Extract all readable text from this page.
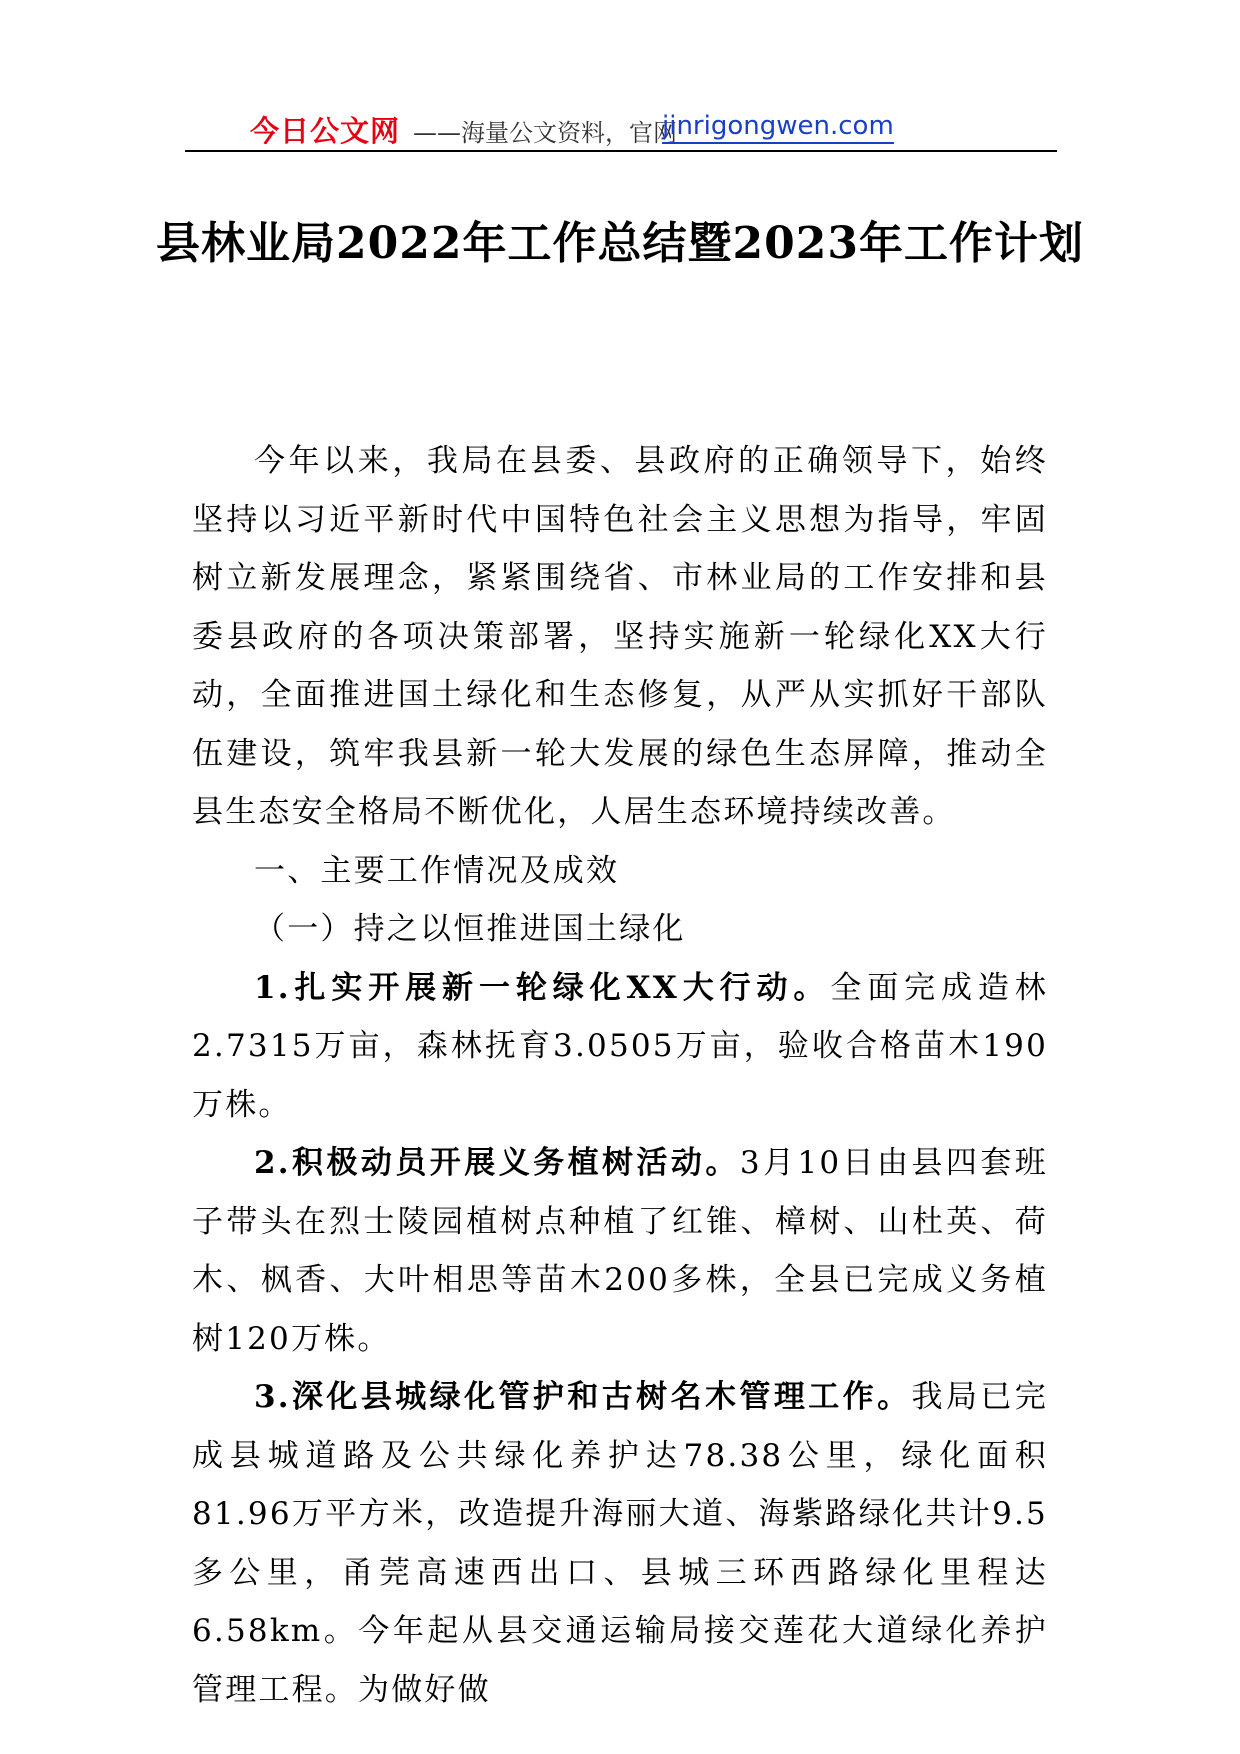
今日公文网 ——海量公文资料，官网
jinrigongwen.com
县林业局2022年工作总结暨2023年工作计划

今年以来，我局在县委、县政府的正确领导下，始终坚持以习近平新时代中国特色社会主义思想为指导，牢固树立新发展理念，紧紧围绕省、市林业局的工作安排和县委县政府的各项决策部署，坚持实施新一轮绿化XX大行动，全面推进国土绿化和生态修复，从严从实抓好干部队伍建设，筑牢我县新一轮大发展的绿色生态屏障，推动全县生态安全格局不断优化，人居生态环境持续改善。

一、主要工作情况及成效

（一）持之以恒推进国土绿化

1.扎实开展新一轮绿化XX大行动。全面完成造林2.7315万亩，森林抚育3.0505万亩，验收合格苗木190万株。

2.积极动员开展义务植树活动。3月10日由县四套班子带头在烈士陵园植树点种植了红锥、樟树、山杜英、荷木、枫香、大叶相思等苗木200多株，全县已完成义务植树120万株。

3.深化县城绿化管护和古树名木管理工作。我局已完成县城道路及公共绿化养护达78.38公里，绿化面积81.96万平方米，改造提升海丽大道、海紫路绿化共计9.5多公里，甬莞高速西出口、县城三环西路绿化里程达6.58km。今年起从县交通运输局接交莲花大道绿化养护管理工程。为做好做
